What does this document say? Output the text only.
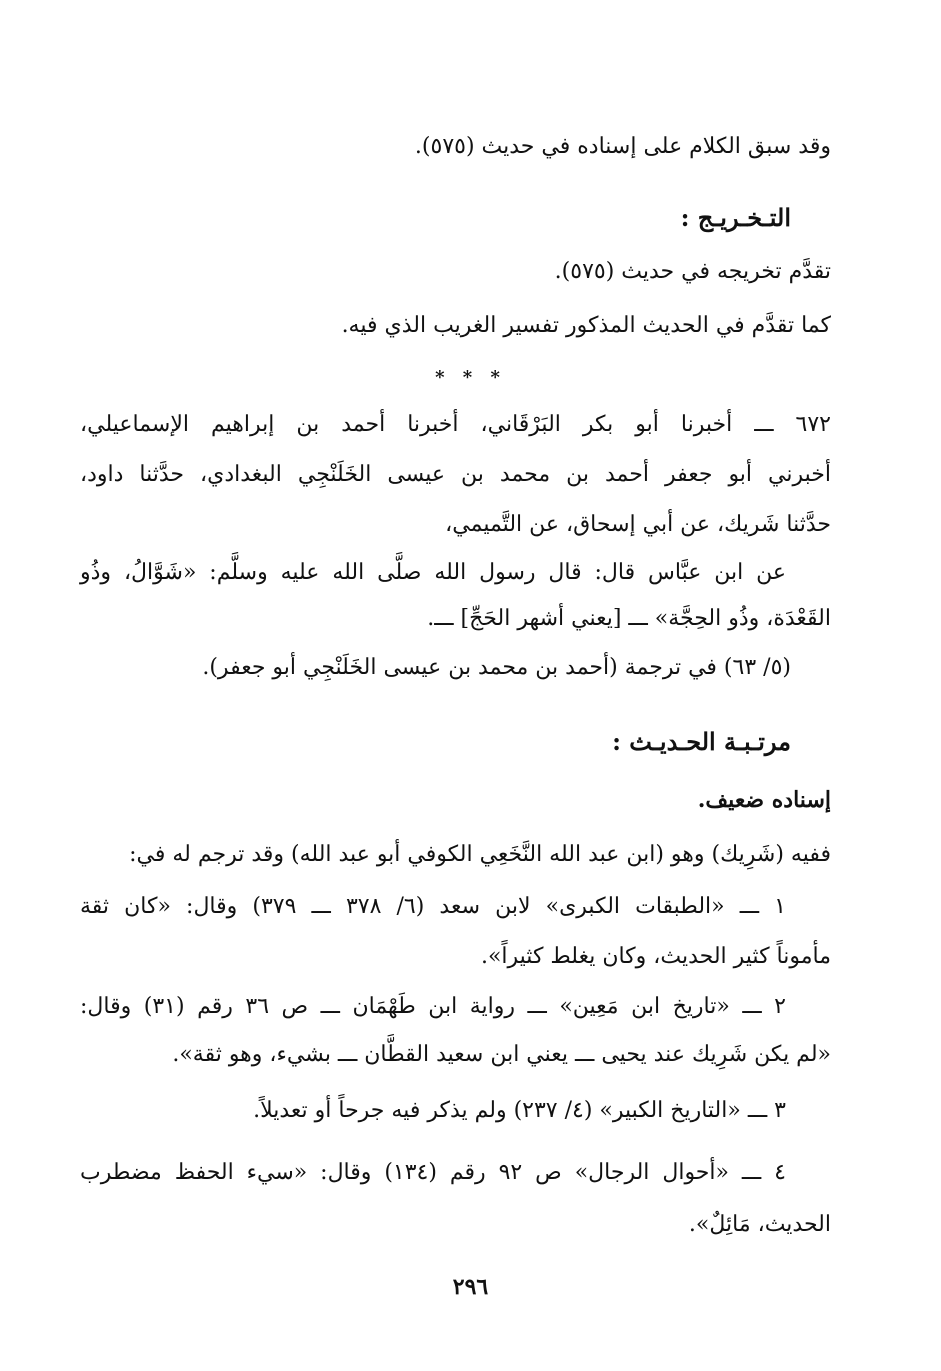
وقد سبق الكلام على إسناده في حديث (٥٧٥).
التـخـريـج :
تقدَّم تخريجه في حديث (٥٧٥).
كما تقدَّم في الحديث المذكور تفسير الغريب الذي فيه.
* * *
٦٧٢ ـــ أخبرنا أبو بكر البَرْقَاني، أخبرنا أحمد بن إبراهيم الإسماعيلي،
أخبرني أبو جعفر أحمد بن محمد بن عيسى الخَلَنْجِي البغدادي، حدَّثنا داود،
حدَّثنا شَريك، عن أبي إسحاق، عن التَّميمي،
عن ابن عبَّاس قال: قال رسول الله صلَّى الله عليه وسلَّم: «شَوَّالُ، وذُو
القَعْدَة، وذُو الحِجَّة» ـــ [يعني أشهر الحَجِّ] ـــ.
(٥/ ٦٣) في ترجمة (أحمد بن محمد بن عيسى الخَلَنْجِي أبو جعفر).
مرتـبـة الحـديـث :
إسناده ضعيف.
ففيه (شَرِيك) وهو (ابن عبد الله النَّخَعِي الكوفي أبو عبد الله) وقد ترجم له في:
١ ـــ «الطبقات الكبرى» لابن سعد (٦/ ٣٧٨ ـــ ٣٧٩) وقال: «كان ثقة
مأموناً كثير الحديث، وكان يغلط كثيراً».
٢ ـــ «تاريخ ابن مَعِين» ـــ رواية ابن طَهْمَان ـــ ص ٣٦ رقم (٣١) وقال:
«لم يكن شَرِيك عند يحيى ـــ يعني ابن سعيد القطَّان ـــ بشيء، وهو ثقة».
٣ ـــ «التاريخ الكبير» (٤/ ٢٣٧) ولم يذكر فيه جرحاً أو تعديلاً.
٤ ـــ «أحوال الرجال» ص ٩٢ رقم (١٣٤) وقال: «سيء الحفظ مضطرب
الحديث، مَائِلٌ».
٢٩٦
